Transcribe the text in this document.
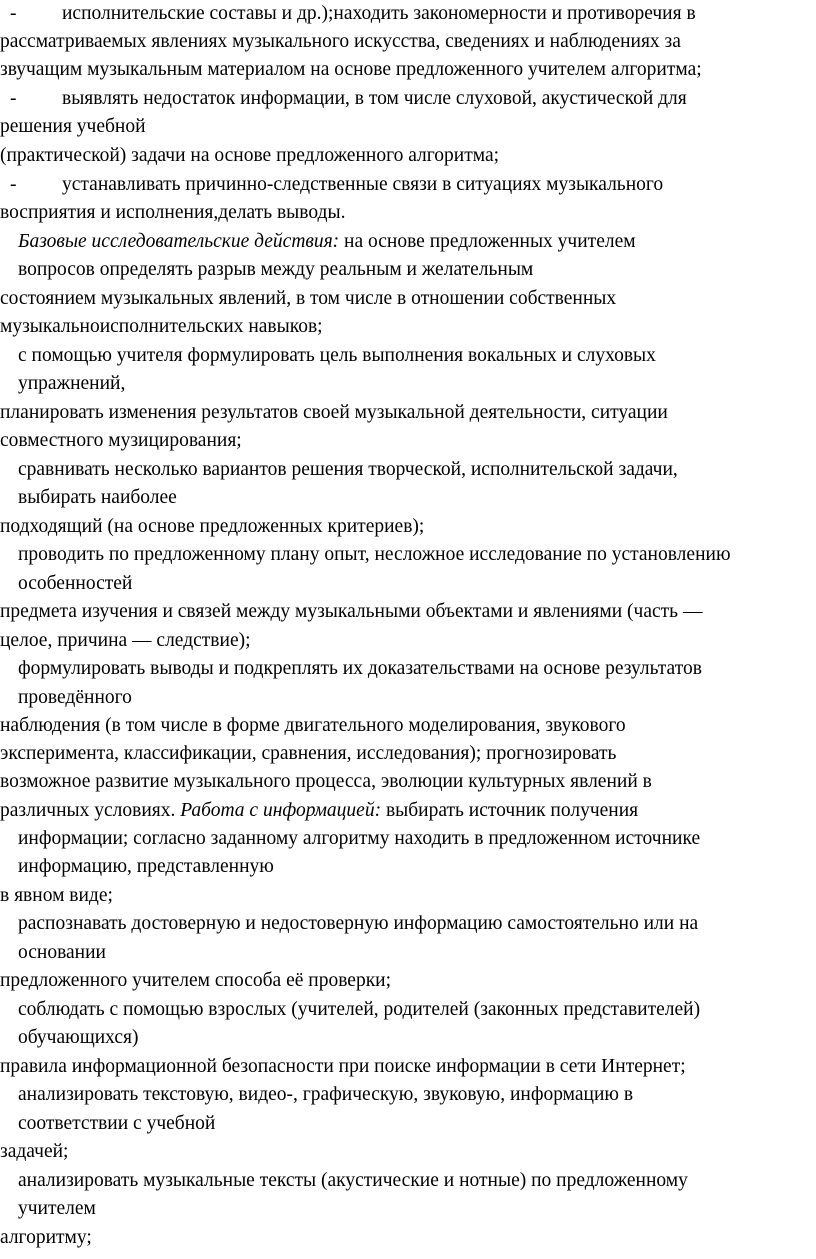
- исполнительские составы и др.);находить закономерности и противоречия в
рассматриваемых явлениях музыкального искусства, сведениях и наблюдениях за
звучащим музыкальным материалом на основе предложенного учителем алгоритма;
- выявлять недостаток информации, в том числе слуховой, акустической для
решения учебной
(практической) задачи на основе предложенного алгоритма;
- устанавливать причинно-следственные связи в ситуациях музыкального
восприятия и исполнения,делать выводы.
Базовые исследовательские действия: на основе предложенных учителем
вопросов определять разрыв между реальным и желательным
состоянием музыкальных явлений, в том числе в отношении собственных
музыкальноисполнительских навыков;
с помощью учителя формулировать цель выполнения вокальных и слуховых
упражнений,
планировать изменения результатов своей музыкальной деятельности, ситуации
совместного музицирования;
сравнивать несколько вариантов решения творческой, исполнительской задачи,
выбирать наиболее
подходящий (на основе предложенных критериев);
проводить по предложенному плану опыт, несложное исследование по установлению
особенностей
предмета изучения и связей между музыкальными объектами и явлениями (часть —
целое, причина — следствие);
формулировать выводы и подкреплять их доказательствами на основе результатов
проведённого
наблюдения (в том числе в форме двигательного моделирования, звукового
эксперимента, классификации, сравнения, исследования); прогнозировать
возможное развитие музыкального процесса, эволюции культурных явлений в
различных условиях. Работа с информацией: выбирать источник получения
информации; согласно заданному алгоритму находить в предложенном источнике
информацию, представленную
в явном виде;
распознавать достоверную и недостоверную информацию самостоятельно или на
основании
предложенного учителем способа её проверки;
соблюдать с помощью взрослых (учителей, родителей (законных представителей)
обучающихся)
правила информационной безопасности при поиске информации в сети Интернет;
анализировать текстовую, видео-, графическую, звуковую, информацию в
соответствии с учебной
задачей;
анализировать музыкальные тексты (акустические и нотные) по предложенному
учителем
алгоритму;
